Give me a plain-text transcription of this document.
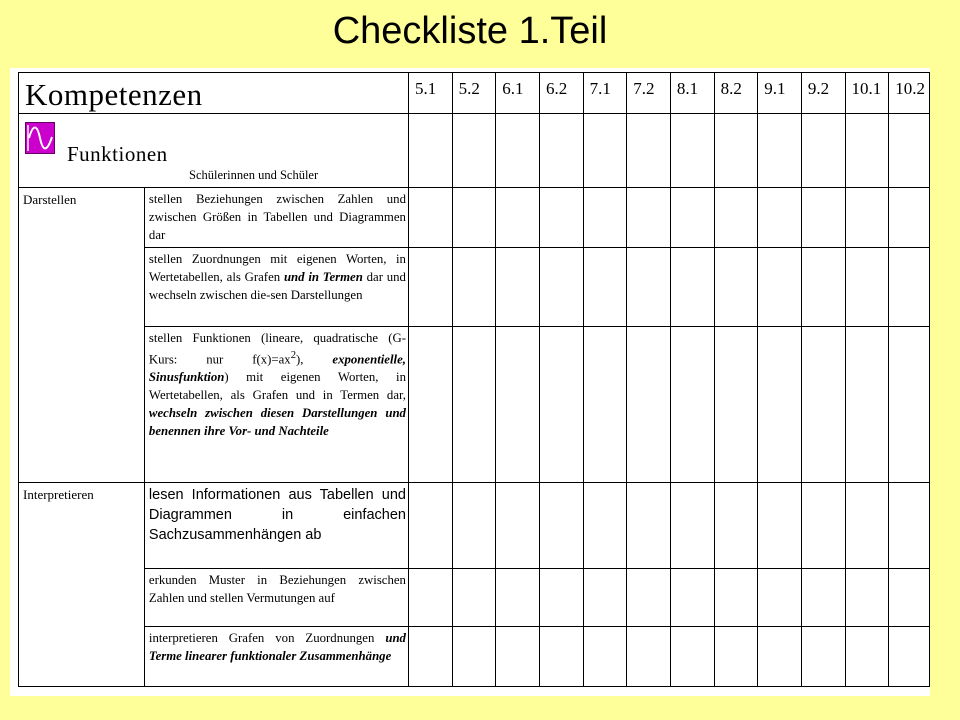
Checkliste 1.Teil
Kompetenzen		5.1	5.2	6.1	6.2	7.1	7.2	8.1	8.2	9.1	9.2	10.1	10.2

Funktionen
Schülerinnen und Schüler													

Darstellen	stellen Beziehungen zwischen Zahlen und zwischen Größen in Tabellen und Diagrammen dar												

	stellen Zuordnungen mit eigenen Worten, in Wertetabellen, als Grafen und in Termen dar und wechseln zwischen die-sen Darstellungen												

	stellen Funktionen (lineare, quadratische (G-Kurs: nur $f(x)=ax^2$), exponentielle, Sinusfunktion) mit eigenen Worten, in Wertetabellen, als Grafen und in Termen dar, wechseln zwischen diesen Darstellungen und benennen ihre Vor- und Nachteile												

Interpretieren	lesen Informationen aus Tabellen und Diagrammen in einfachen Sachzusammenhängen ab												

	erkunden Muster in Beziehungen zwischen Zahlen und stellen Vermutungen auf												

	interpretieren Grafen von Zuordnungen und Terme linearer funktionaler Zusammenhänge												
